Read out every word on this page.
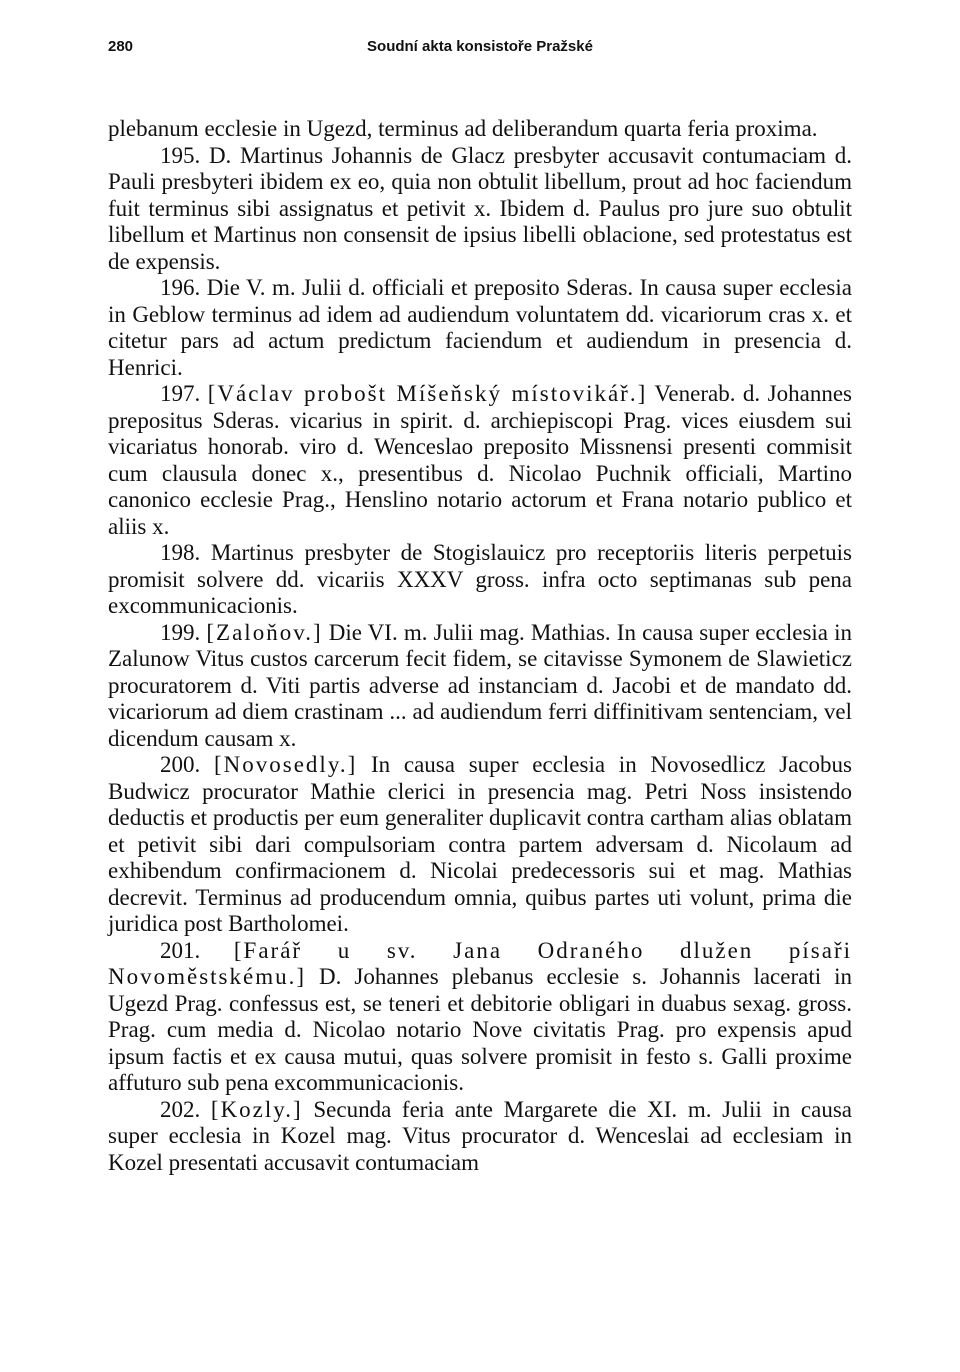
280	Soudní akta konsistoře Pražské

plebanum ecclesie in Ugezd, terminus ad deliberandum quarta feria proxima.

195. D. Martinus Johannis de Glacz presbyter accusavit contumaciam d. Pauli presbyteri ibidem ex eo, quia non obtulit libellum, prout ad hoc faciendum fuit terminus sibi assignatus et petivit x. Ibidem d. Paulus pro jure suo obtulit libellum et Martinus non consensit de ipsius libelli oblacione, sed protestatus est de expensis.

196. Die V. m. Julii d. officiali et preposito Sderas. In causa super ecclesia in Geblow terminus ad idem ad audiendum voluntatem dd. vicariorum cras x. et citetur pars ad actum predictum faciendum et audiendum in presencia d. Henrici.

197. [Václav probošt Míšeňský místovikář.] Venerab. d. Johannes prepositus Sderas. vicarius in spirit. d. archiepiscopi Prag. vices eiusdem sui vicariatus honorab. viro d. Wenceslao preposito Missnensi presenti commisit cum clausula donec x., presentibus d. Nicolao Puchnik officiali, Martino canonico ecclesie Prag., Henslino notario actorum et Frana notario publico et aliis x.

198. Martinus presbyter de Stogislauicz pro receptoriis literis perpetuis promisit solvere dd. vicariis XXXV gross. infra octo septimanas sub pena excommunicacionis.

199. [Zaloňov.] Die VI. m. Julii mag. Mathias. In causa super ecclesia in Zalunow Vitus custos carcerum fecit fidem, se citavisse Symonem de Slawieticz procuratorem d. Viti partis adverse ad instanciam d. Jacobi et de mandato dd. vicariorum ad diem crastinam ... ad audiendum ferri diffinitivam sentenciam, vel dicendum causam x.

200. [Novosedly.] In causa super ecclesia in Novosedlicz Jacobus Budwicz procurator Mathie clerici in presencia mag. Petri Noss insistendo deductis et productis per eum generaliter duplicavit contra cartham alias oblatam et petivit sibi dari compulsoriam contra partem adversam d. Nicolaum ad exhibendum confirmacionem d. Nicolai predecessoris sui et mag. Mathias decrevit. Terminus ad producendum omnia, quibus partes uti volunt, prima die juridica post Bartholomei.

201. [Farář u sv. Jana Odraného dlužen písaři Novoměstskému.] D. Johannes plebanus ecclesie s. Johannis lacerati in Ugezd Prag. confessus est, se teneri et debitorie obligari in duabus sexag. gross. Prag. cum media d. Nicolao notario Nove civitatis Prag. pro expensis apud ipsum factis et ex causa mutui, quas solvere promisit in festo s. Galli proxime affuturo sub pena excommunicacionis.

202. [Kozly.] Secunda feria ante Margarete die XI. m. Julii in causa super ecclesia in Kozel mag. Vitus procurator d. Wenceslai ad ecclesiam in Kozel presentati accusavit contumaciam
